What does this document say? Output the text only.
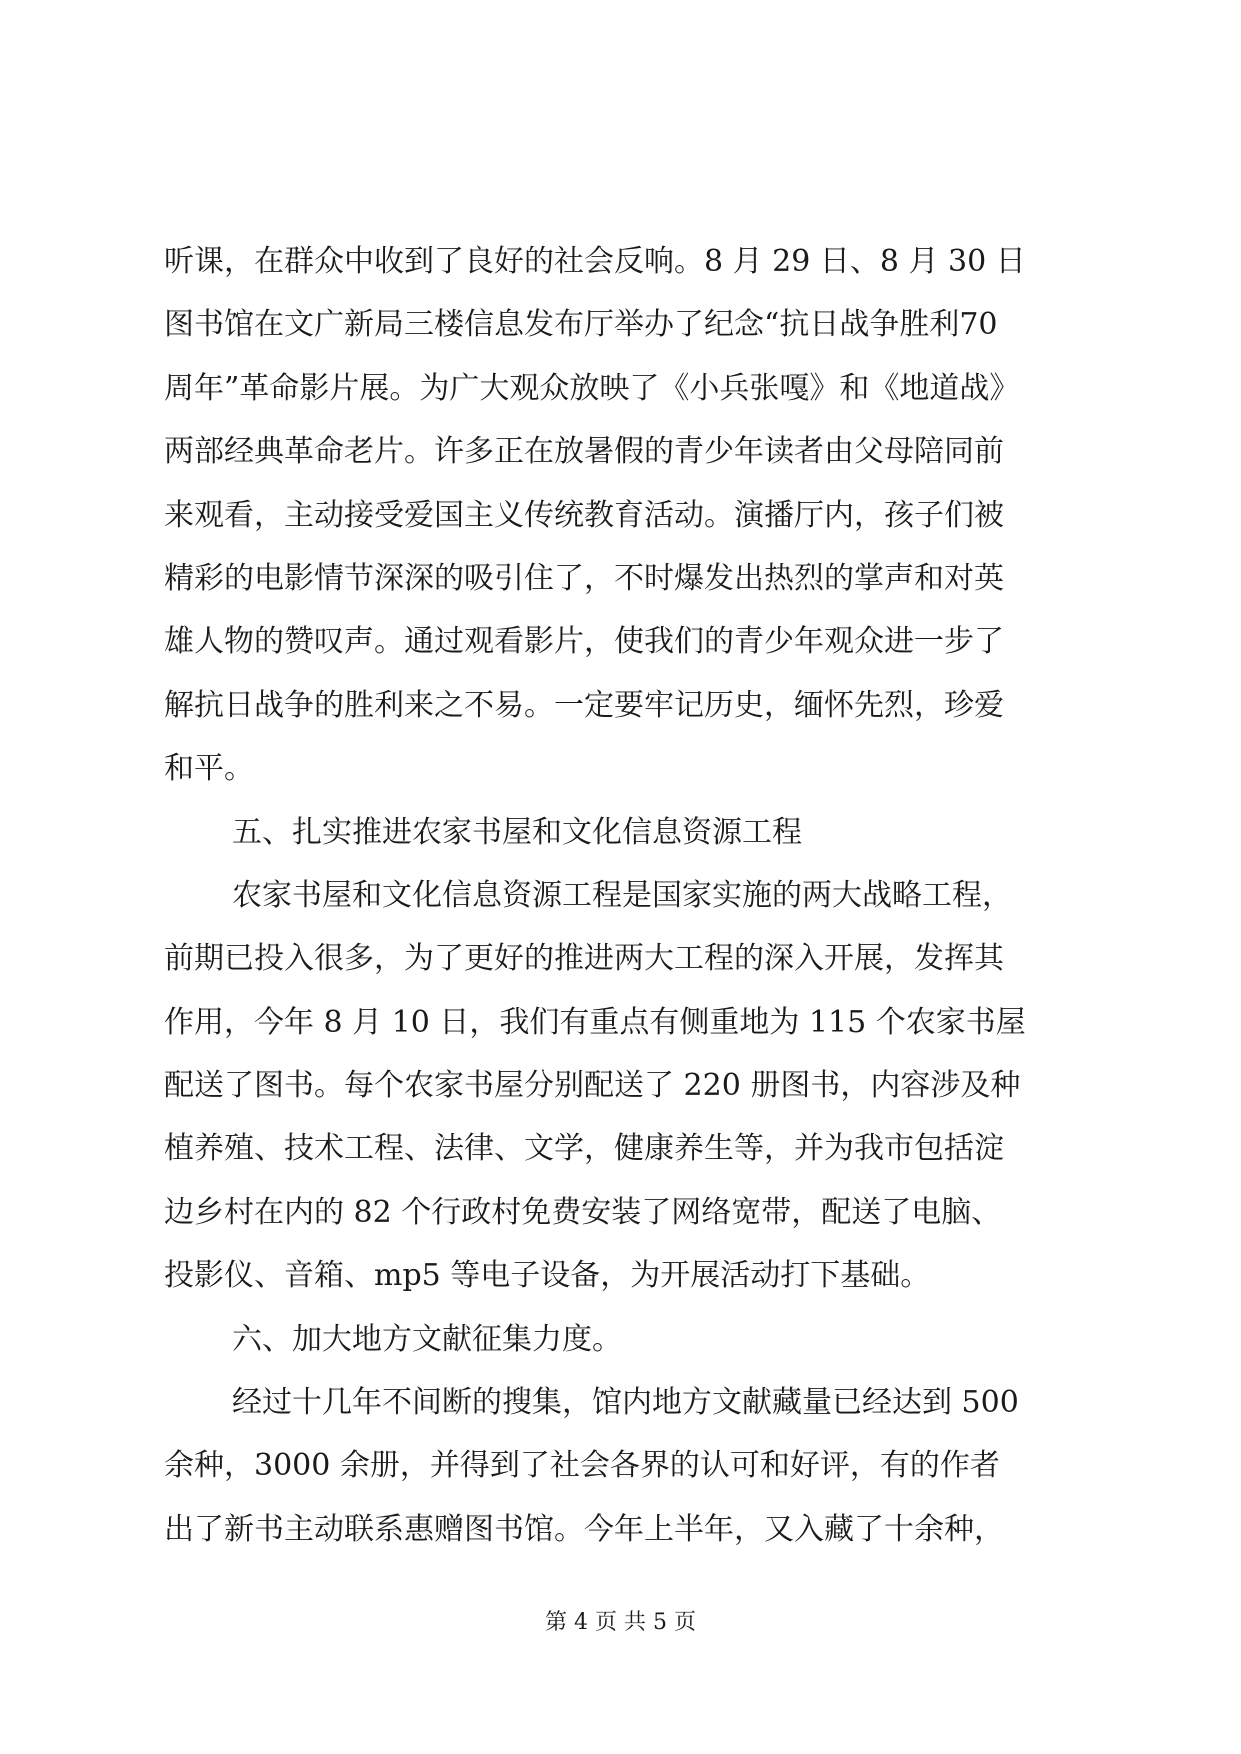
听课，在群众中收到了良好的社会反响。8 月 29 日、8 月 30 日
图书馆在文广新局三楼信息发布厅举办了纪念“抗日战争胜利70
周年”革命影片展。为广大观众放映了《小兵张嘎》和《地道战》
两部经典革命老片。许多正在放暑假的青少年读者由父母陪同前
来观看，主动接受爱国主义传统教育活动。演播厅内，孩子们被
精彩的电影情节深深的吸引住了，不时爆发出热烈的掌声和对英
雄人物的赞叹声。通过观看影片，使我们的青少年观众进一步了
解抗日战争的胜利来之不易。一定要牢记历史，缅怀先烈，珍爱
和平。
五、扎实推进农家书屋和文化信息资源工程
农家书屋和文化信息资源工程是国家实施的两大战略工程，
前期已投入很多，为了更好的推进两大工程的深入开展，发挥其
作用，今年 8 月 10 日，我们有重点有侧重地为 115 个农家书屋
配送了图书。每个农家书屋分别配送了 220 册图书，内容涉及种
植养殖、技术工程、法律、文学，健康养生等，并为我市包括淀
边乡村在内的 82 个行政村免费安装了网络宽带，配送了电脑、
投影仪、音箱、mp5 等电子设备，为开展活动打下基础。
六、加大地方文献征集力度。
经过十几年不间断的搜集，馆内地方文献藏量已经达到 500
余种，3000 余册，并得到了社会各界的认可和好评，有的作者
出了新书主动联系惠赠图书馆。今年上半年，又入藏了十余种，
第 4 页 共 5 页
